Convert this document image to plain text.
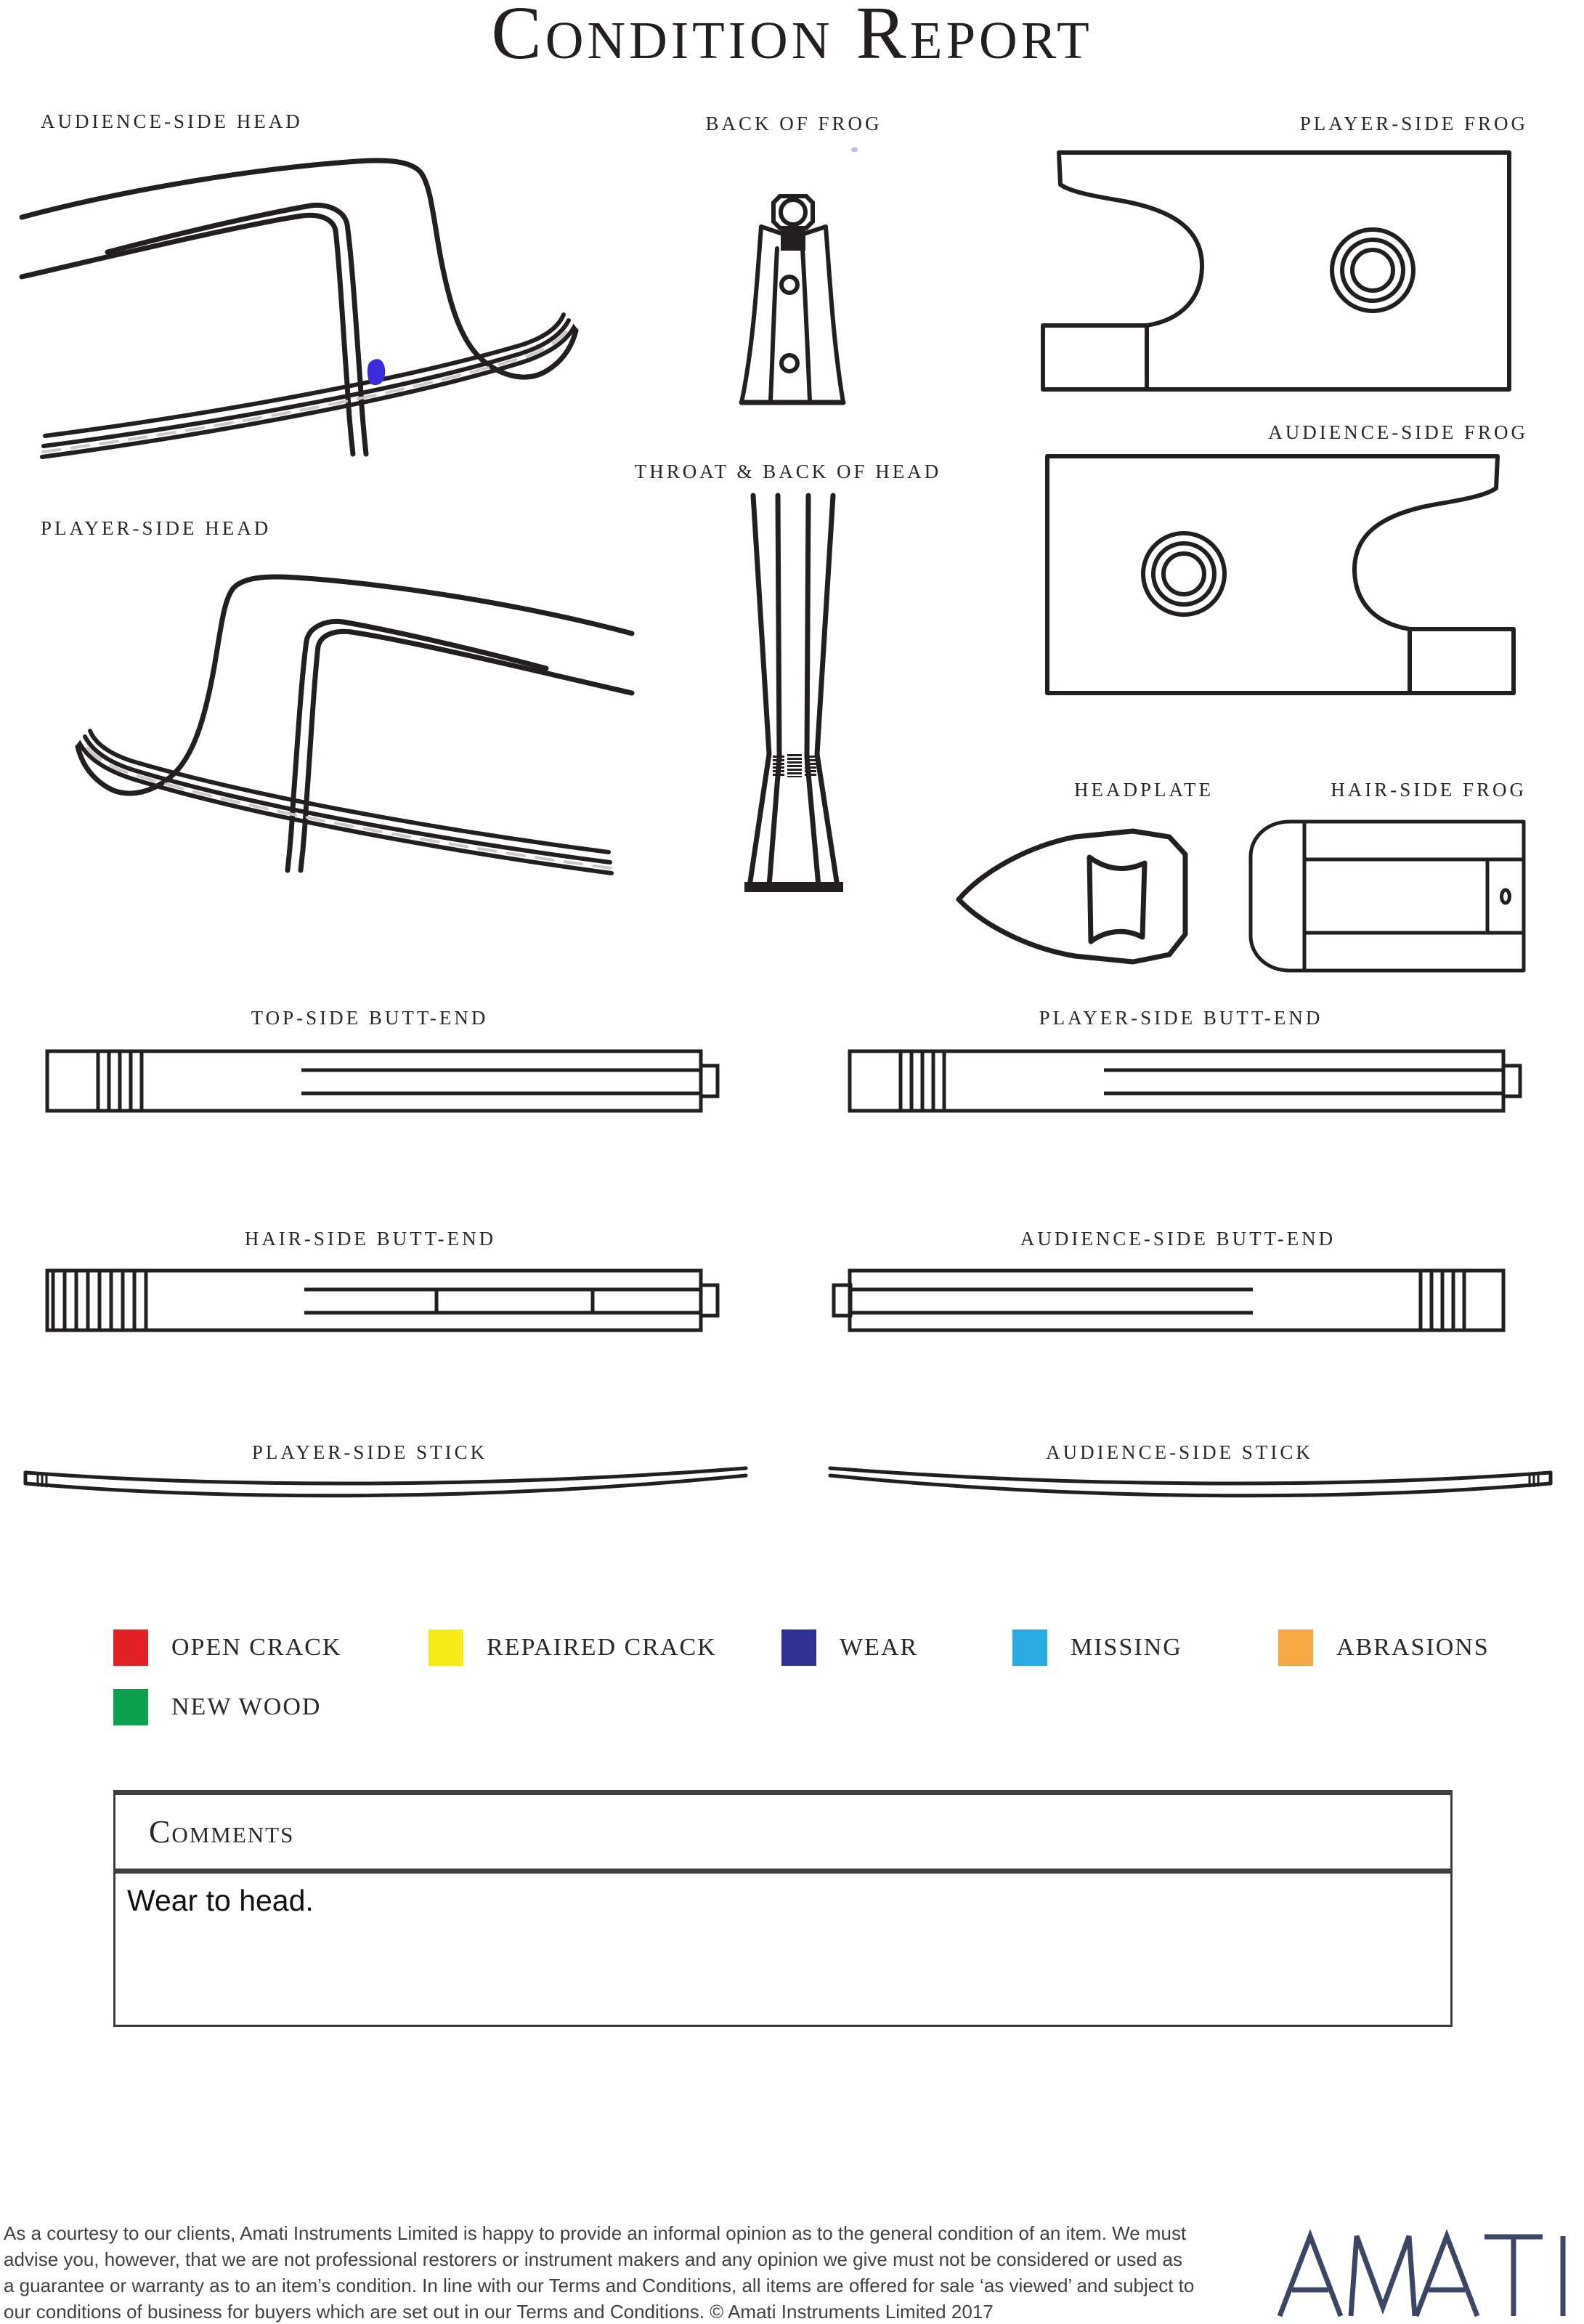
Condition Report
AUDIENCE-SIDE HEAD	BACK OF FROG	PLAYER-SIDE FROG
AUDIENCE-SIDE FROG
PLAYER-SIDE HEAD
THROAT & BACK OF HEAD
HEADPLATE	HAIR-SIDE FROG
TOP-SIDE BUTT-END	PLAYER-SIDE BUTT-END
HAIR-SIDE BUTT-END	AUDIENCE-SIDE BUTT-END
PLAYER-SIDE STICK	AUDIENCE-SIDE STICK
OPEN CRACK	REPAIRED CRACK	WEAR	MISSING	ABRASIONS
NEW WOOD
Comments
Wear to head.
As a courtesy to our clients, Amati Instruments Limited is happy to provide an informal opinion as to the general condition of an item. We must
advise you, however, that we are not professional restorers or instrument makers and any opinion we give must not be considered or used as
a guarantee or warranty as to an item’s condition. In line with our Terms and Conditions, all items are offered for sale ‘as viewed’ and subject to
our conditions of business for buyers which are set out in our Terms and Conditions. © Amati Instruments Limited 2017
